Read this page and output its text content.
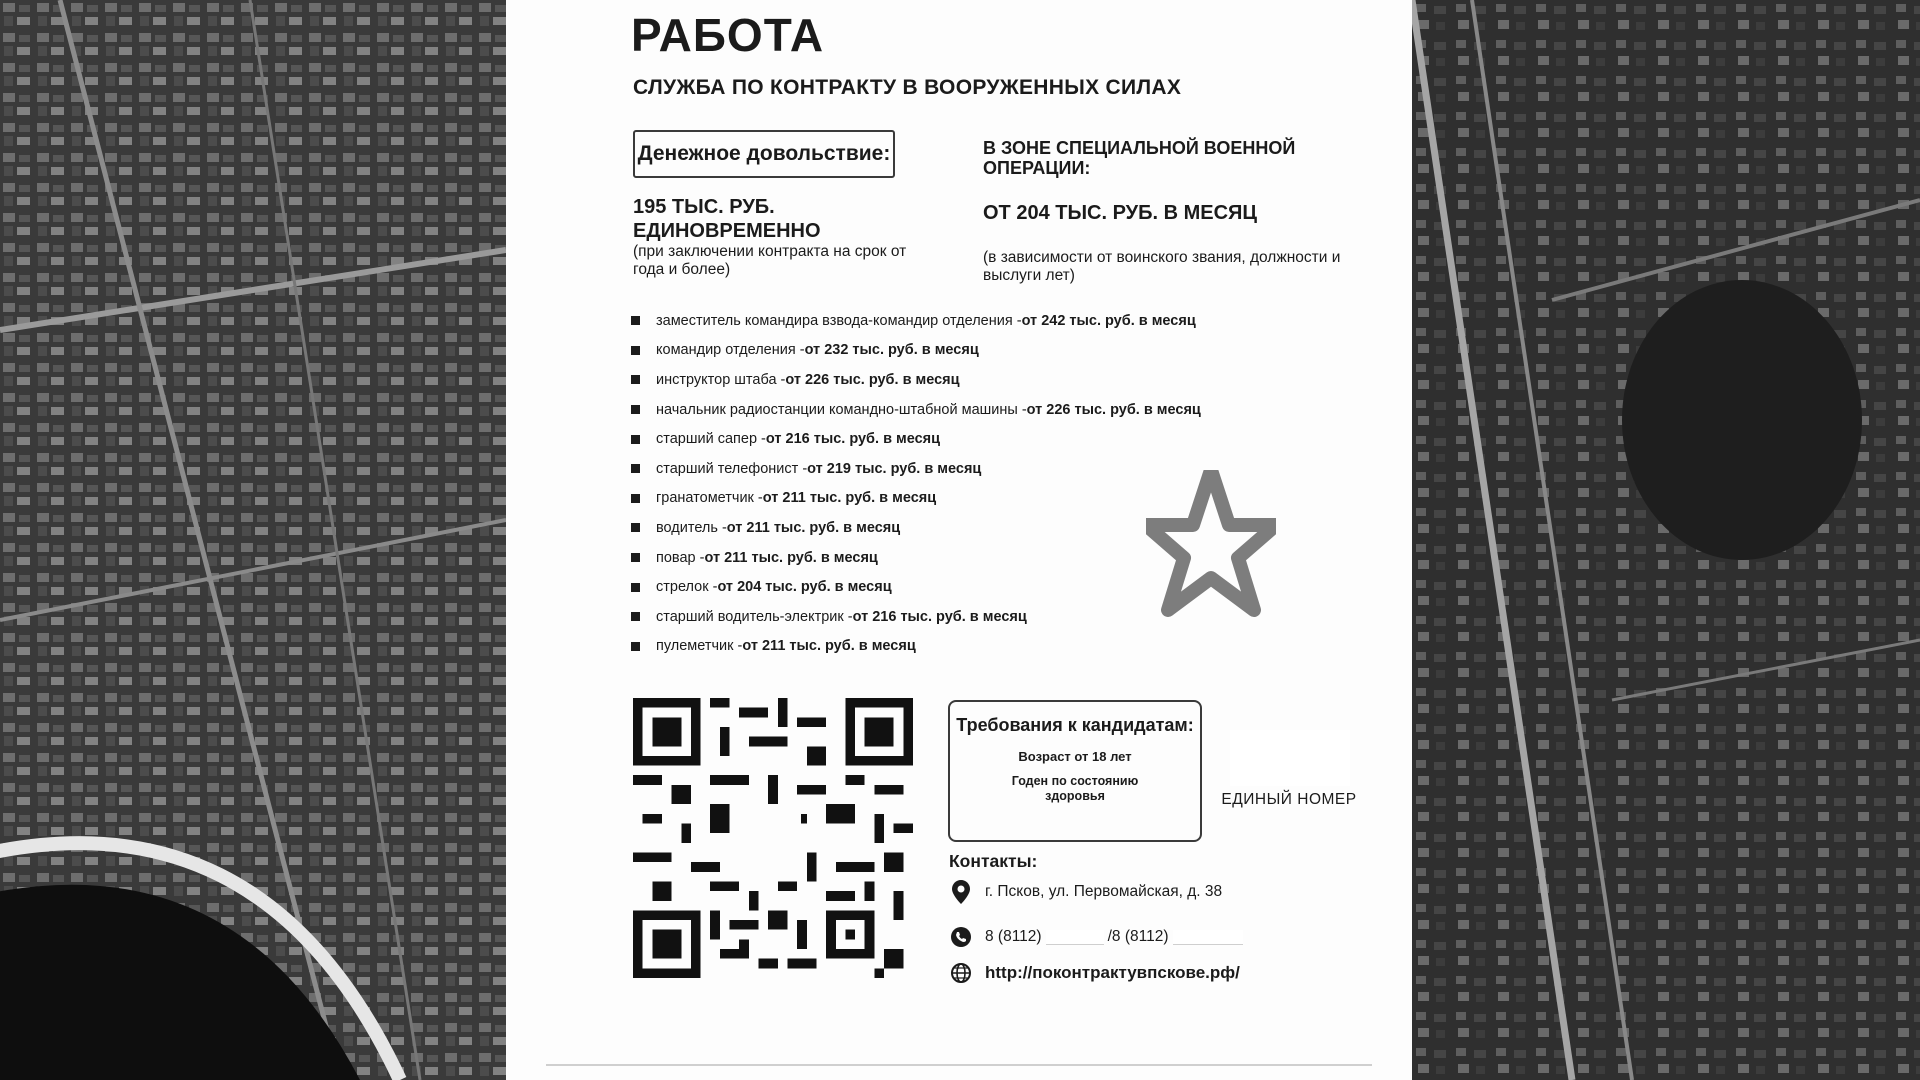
РАБОТА
СЛУЖБА ПО КОНТРАКТУ В ВООРУЖЕННЫХ СИЛАХ
Денежное довольствие:	В ЗОНЕ СПЕЦИАЛЬНОЙ ВОЕННОЙ ОПЕРАЦИИ:
195 ТЫС. РУБ. ЕДИНОВРЕМЕННО
(при заключении контракта на срок от года и более)
ОТ 204 ТЫС. РУБ. В МЕСЯЦ
(в зависимости от воинского звания, должности и выслуги лет)
заместитель командира взвода-командир отделения - от 242 тыс. руб. в месяц
командир отделения - от 232 тыс. руб. в месяц
инструктор штаба - от 226 тыс. руб. в месяц
начальник радиостанции командно-штабной машины - от 226 тыс. руб. в месяц
старший сапер - от 216 тыс. руб. в месяц
старший телефонист - от 219 тыс. руб. в месяц
гранатометчик - от 211 тыс. руб. в месяц
водитель - от 211 тыс. руб. в месяц
повар - от 211 тыс. руб. в месяц
стрелок - от 204 тыс. руб. в месяц
старший водитель-электрик - от 216 тыс. руб. в месяц
пулеметчик - от 211 тыс. руб. в месяц
Требования к кандидатам:
Возраст от 18 лет
Годен по состоянию здоровья	ЕДИНЫЙ НОМЕР
Контакты:
г. Псков, ул. Первомайская, д. 38
8 (8112)	/ 8 (8112)
http://поконтрактувпскове.рф/
